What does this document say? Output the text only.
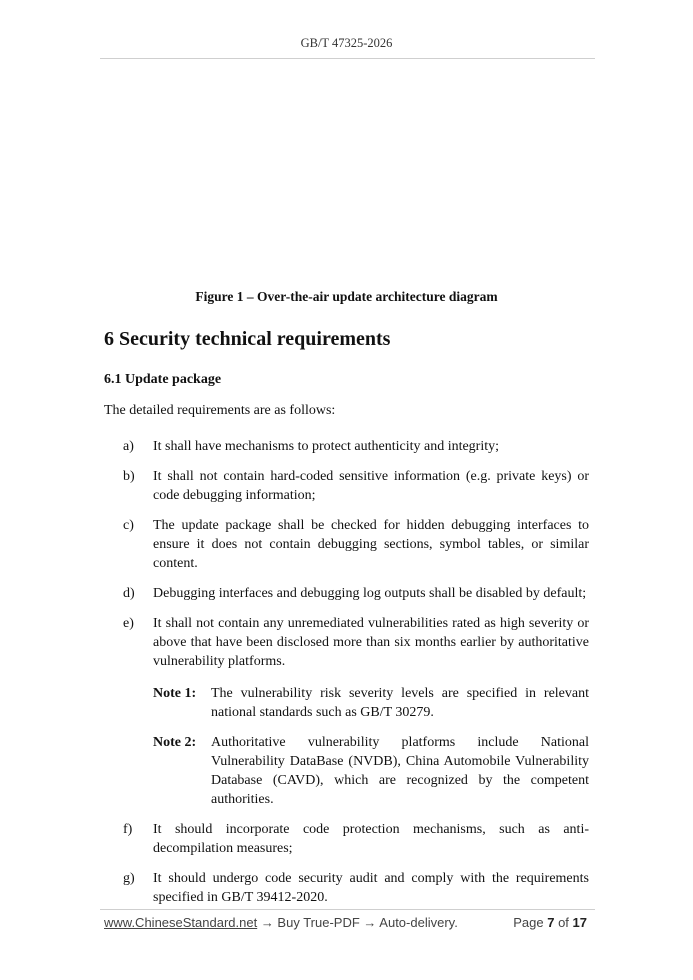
GB/T 47325-2026
Figure 1 – Over-the-air update architecture diagram
6 Security technical requirements
6.1 Update package

The detailed requirements are as follows:

a) It shall have mechanisms to protect authenticity and integrity;
b) It shall not contain hard-coded sensitive information (e.g. private keys) or code debugging information;
c) The update package shall be checked for hidden debugging interfaces to ensure it does not contain debugging sections, symbol tables, or similar content.
d) Debugging interfaces and debugging log outputs shall be disabled by default;
e) It shall not contain any unremediated vulnerabilities rated as high severity or above that have been disclosed more than six months earlier by authoritative vulnerability platforms.
Note 1: The vulnerability risk severity levels are specified in relevant national standards such as GB/T 30279.
Note 2: Authoritative vulnerability platforms include National Vulnerability DataBase (NVDB), China Automobile Vulnerability Database (CAVD), which are recognized by the competent authorities.
f) It should incorporate code protection mechanisms, such as anti-decompilation measures;
g) It should undergo code security audit and comply with the requirements specified in GB/T 39412-2020.
www.ChineseStandard.net → Buy True-PDF → Auto-delivery.	Page 7 of 17
